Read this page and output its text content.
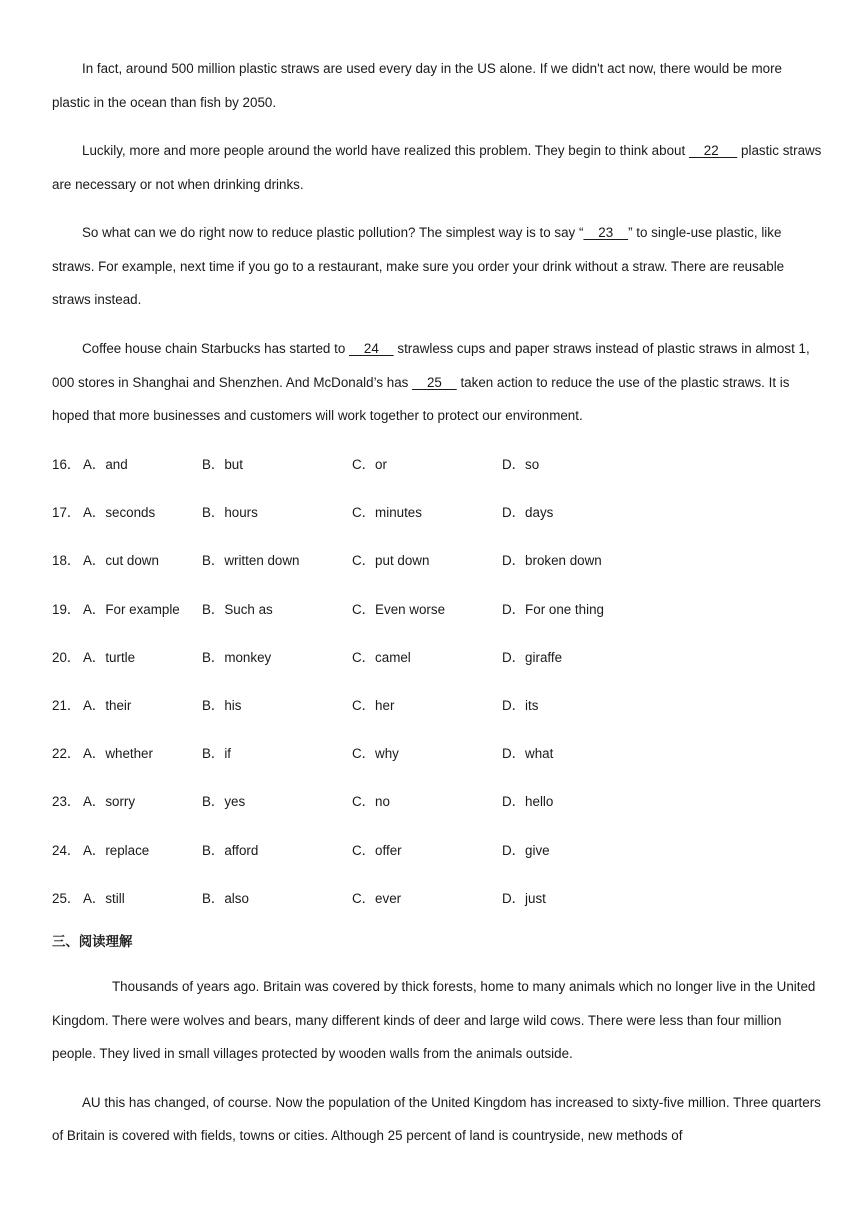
In fact, around 500 million plastic straws are used every day in the US alone. If we didn't act now, there would be more plastic in the ocean than fish by 2050.

Luckily, more and more people around the world have realized this problem. They begin to think about     22      plastic straws are necessary or not when drinking drinks.

So what can we do right now to reduce plastic pollution? The simplest way is to say “    23    ” to single-use plastic, like straws. For example, next time if you go to a restaurant, make sure you order your drink without a straw. There are reusable straws instead.

Coffee house chain Starbucks has started to     24     strawless cups and paper straws instead of plastic straws in almost 1, 000 stores in Shanghai and Shenzhen. And McDonald’s has     25     taken action to reduce the use of the plastic straws. It is hoped that more businesses and customers will work together to protect our environment.

16． A．and	B．but	C．or	D．so
17． A．seconds	B．hours	C．minutes	D．days
18． A．cut down	B．written down	C．put down	D．broken down
19． A．For example B．Such as	C．Even worse	D．For one thing
20． A．turtle	B．monkey	C．camel	D．giraffe
21． A．their	B．his	C．her	D．its
22． A．whether	B．if	C．why	D．what
23． A．sorry	B．yes	C．no	D．hello
24． A．replace	B．afford	C．offer	D．give
25． A．still	B．also	C．ever	D．just
三、阅读理解

Thousands of years ago. Britain was covered by thick forests, home to many animals which no longer live in the United Kingdom. There were wolves and bears, many different kinds of deer and large wild cows. There were less than four million people. They lived in small villages protected by wooden walls from the animals outside.

AU this has changed, of course. Now the population of the United Kingdom has increased to sixty-five million. Three quarters of Britain is covered with fields, towns or cities. Although 25 percent of land is countryside, new methods of
